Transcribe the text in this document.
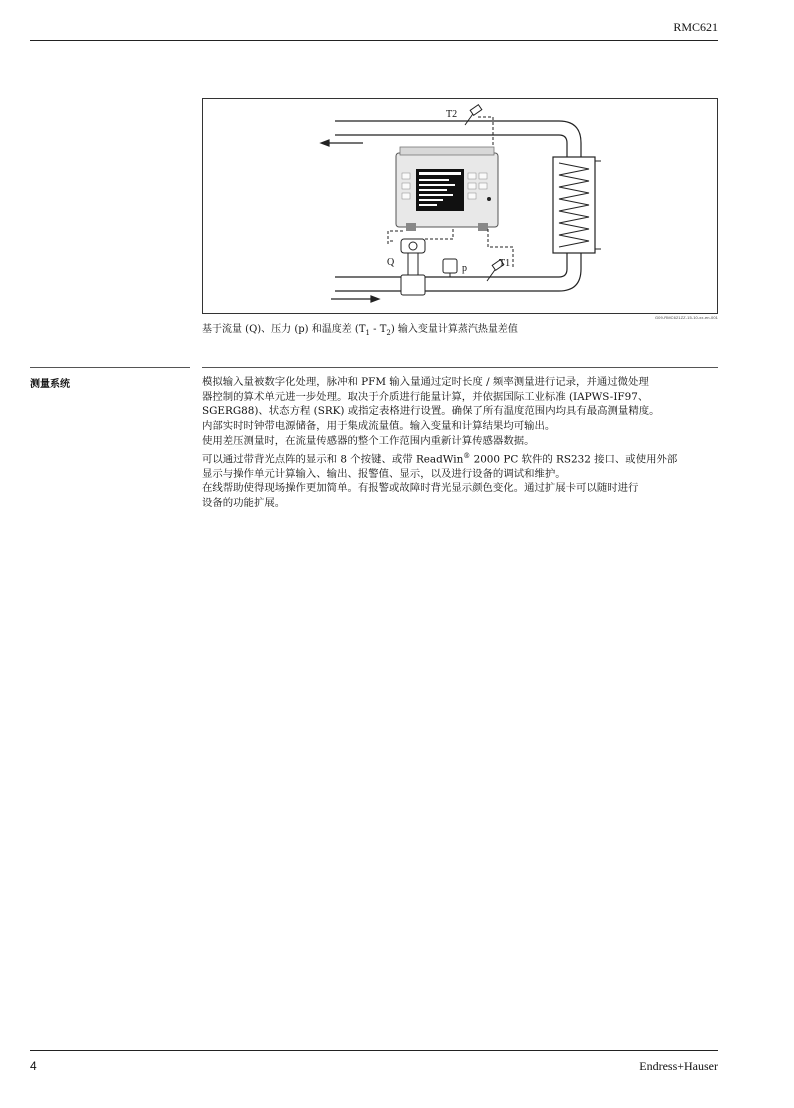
RMC621
T2
T1
p
Q
G09-RMC621ZZ-15-10-xx-en-001
基于流量 (Q)、压力 (p) 和温度差 $(T_1 - T_2)$ 输入变量计算蒸汽热量差值
测量系统	模拟输入量被数字化处理，脉冲和 PFM 输入量通过定时长度 / 频率测量进行记录，并通过微处理

器控制的算术单元进一步处理。取决于介质进行能量计算，并依据国际工业标准 (IAPWS-IF97、

SGERG88)、状态方程 (SRK) 或指定表格进行设置。确保了所有温度范围内均具有最高测量精度。

内部实时时钟带电源储备，用于集成流量值。输入变量和计算结果均可输出。

使用差压测量时，在流量传感器的整个工作范围内重新计算传感器数据。

可以通过带背光点阵的显示和 8 个按键、或带 ReadWin® 2000 PC 软件的 RS232 接口、或使用外部

显示与操作单元计算输入、输出、报警值、显示，以及进行设备的调试和维护。

在线帮助使得现场操作更加简单。有报警或故障时背光显示颜色变化。通过扩展卡可以随时进行

设备的功能扩展。

4	Endress+Hauser
